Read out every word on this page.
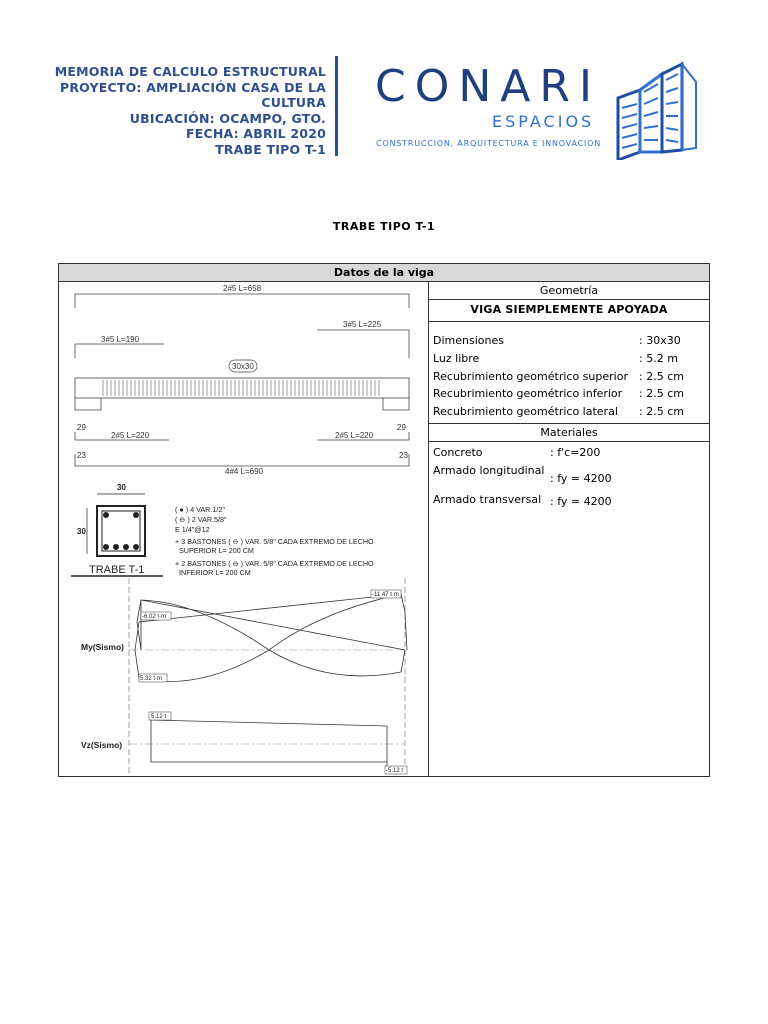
MEMORIA DE CALCULO ESTRUCTURAL
PROYECTO: AMPLIACIÓN CASA DE LA
CULTURA
UBICACIÓN: OCAMPO, GTO.
FECHA: ABRIL 2020
TRABE TIPO T-1
CONARI
ESPACIOS
CONSTRUCCION, ARQUITECTURA E INNOVACION
TRABE TIPO T-1
Datos de la viga
2#5 L=658
3#5 L=190
3#5 L=225
30x30
29	29
2#5 L=220	2#5 L=220
23	23
4#4 L=690
30
30
TRABE T-1
( ● ) 4 VAR.1/2"
( ⊖ ) 2 VAR.5/8"
E 1/4"@12
+ 3 BASTONES ( ⊖ ) VAR. 5/8" CADA EXTREMO DE LECHO
SUPERIOR L= 200 CM
+ 2 BASTONES ( ⊖ ) VAR. 5/8" CADA EXTREMO DE LECHO
INFERIOR L= 200 CM
My(Sismo)
-11.47 t·m
-6.02 t·m
5.32 t·m
Vz(Sismo)
5.12 t
-5.12 t
Geometría
VIGA SIEMPLEMENTE APOYADA
Dimensiones	: 30x30
Luz libre	: 5.2 m
Recubrimiento geométrico superior	: 2.5 cm
Recubrimiento geométrico inferior	: 2.5 cm
Recubrimiento geométrico lateral	: 2.5 cm
Materiales
Concreto	: f'c=200
Armado longitudinal
: fy = 4200
Armado transversal : fy = 4200
